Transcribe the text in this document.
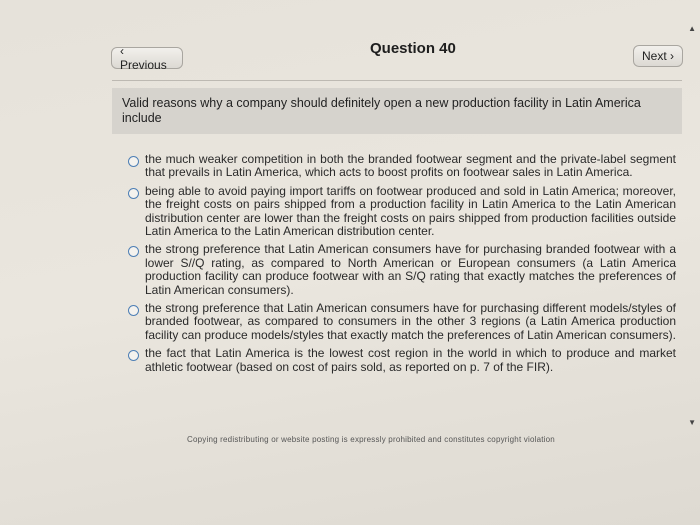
‹ Previous
Question 40	Next ›
Valid reasons why a company should definitely open a new production facility in Latin America include
the much weaker competition in both the branded footwear segment and the private-label segment that prevails in Latin America, which acts to boost profits on footwear sales in Latin America.
being able to avoid paying import tariffs on footwear produced and sold in Latin America; moreover, the freight costs on pairs shipped from a production facility in Latin America to the Latin American distribution center are lower than the freight costs on pairs shipped from production facilities outside Latin America to the Latin American distribution center.
the strong preference that Latin American consumers have for purchasing branded footwear with a lower S//Q rating, as compared to North American or European consumers (a Latin America production facility can produce footwear with an S/Q rating that exactly matches the preferences of Latin American consumers).
the strong preference that Latin American consumers have for purchasing different models/styles of branded footwear, as compared to consumers in the other 3 regions (a Latin America production facility can produce models/styles that exactly match the preferences of Latin American consumers).
the fact that Latin America is the lowest cost region in the world in which to produce and market athletic footwear (based on cost of pairs sold, as reported on p. 7 of the FIR).
Copying redistributing or website posting is expressly prohibited and constitutes copyright violation
▲
▼
